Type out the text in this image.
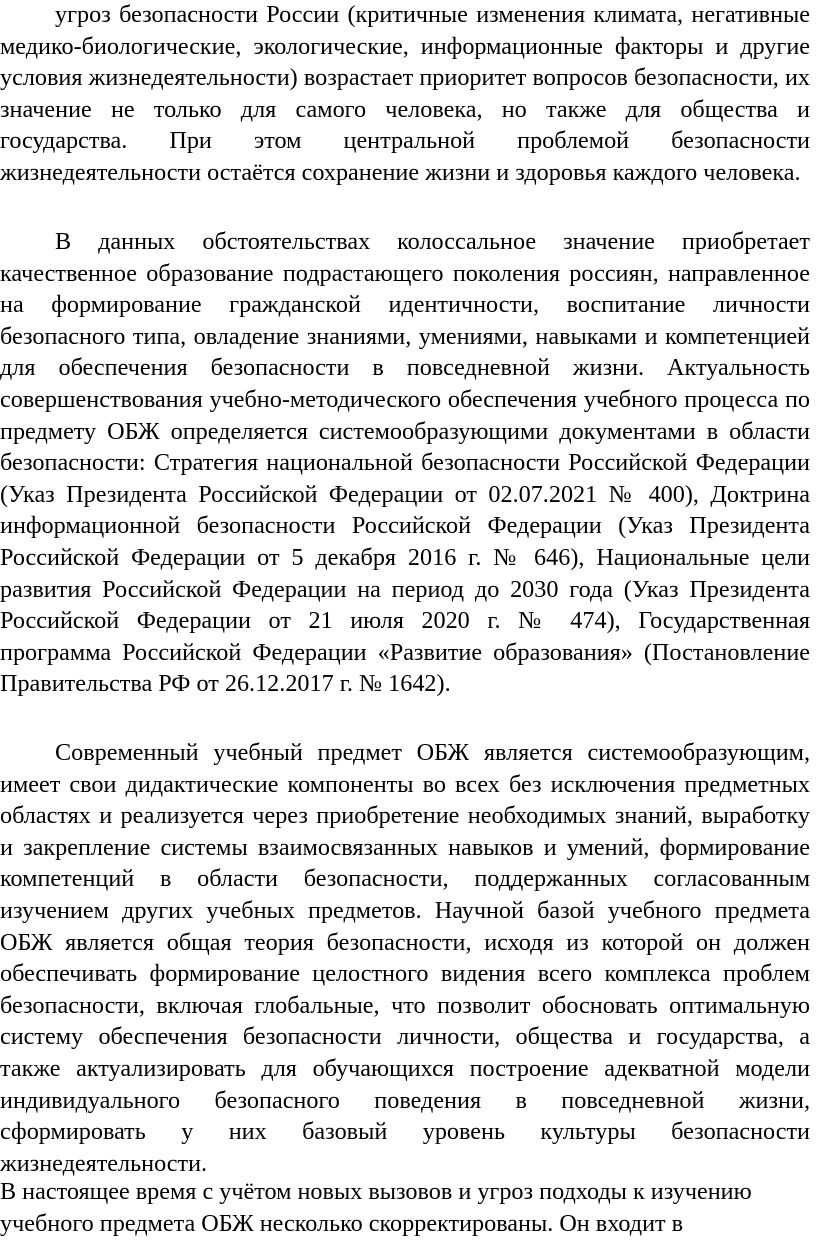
угроз безопасности России (критичные изменения климата, негативные медико-биологические, экологические, информационные факторы и другие условия жизнедеятельности) возрастает приоритет вопросов безопасности, их значение не только для самого человека, но также для общества и государства. При этом центральной проблемой безопасности жизнедеятельности остаётся сохранение жизни и здоровья каждого человека.

В данных обстоятельствах колоссальное значение приобретает качественное образование подрастающего поколения россиян, направленное на формирование гражданской идентичности, воспитание личности безопасного типа, овладение знаниями, умениями, навыками и компетенцией для обеспечения безопасности в повседневной жизни. Актуальность совершенствования учебно-методического обеспечения учебного процесса по предмету ОБЖ определяется системообразующими документами в области безопасности: Стратегия национальной безопасности Российской Федерации (Указ Президента Российской Федерации от 02.07.2021 № 400), Доктрина информационной безопасности Российской Федерации (Указ Президента Российской Федерации от 5 декабря 2016 г. № 646), Национальные цели развития Российской Федерации на период до 2030 года (Указ Президента Российской Федерации от 21 июля 2020 г. № 474), Государственная программа Российской Федерации «Развитие образования» (Постановление Правительства РФ от 26.12.2017 г. № 1642).

Современный учебный предмет ОБЖ является системообразующим, имеет свои дидактические компоненты во всех без исключения предметных областях и реализуется через приобретение необходимых знаний, выработку и закрепление системы взаимосвязанных навыков и умений, формирование компетенций в области безопасности, поддержанных согласованным изучением других учебных предметов. Научной базой учебного предмета ОБЖ является общая теория безопасности, исходя из которой он должен обеспечивать формирование целостного видения всего комплекса проблем безопасности, включая глобальные, что позволит обосновать оптимальную систему обеспечения безопасности личности, общества и государства, а также актуализировать для обучающихся построение адекватной модели индивидуального безопасного поведения в повседневной жизни, сформировать у них базовый уровень культуры безопасности жизнедеятельности.

В настоящее время с учётом новых вызовов и угроз подходы к изучению учебного предмета ОБЖ несколько скорректированы. Он входит в
